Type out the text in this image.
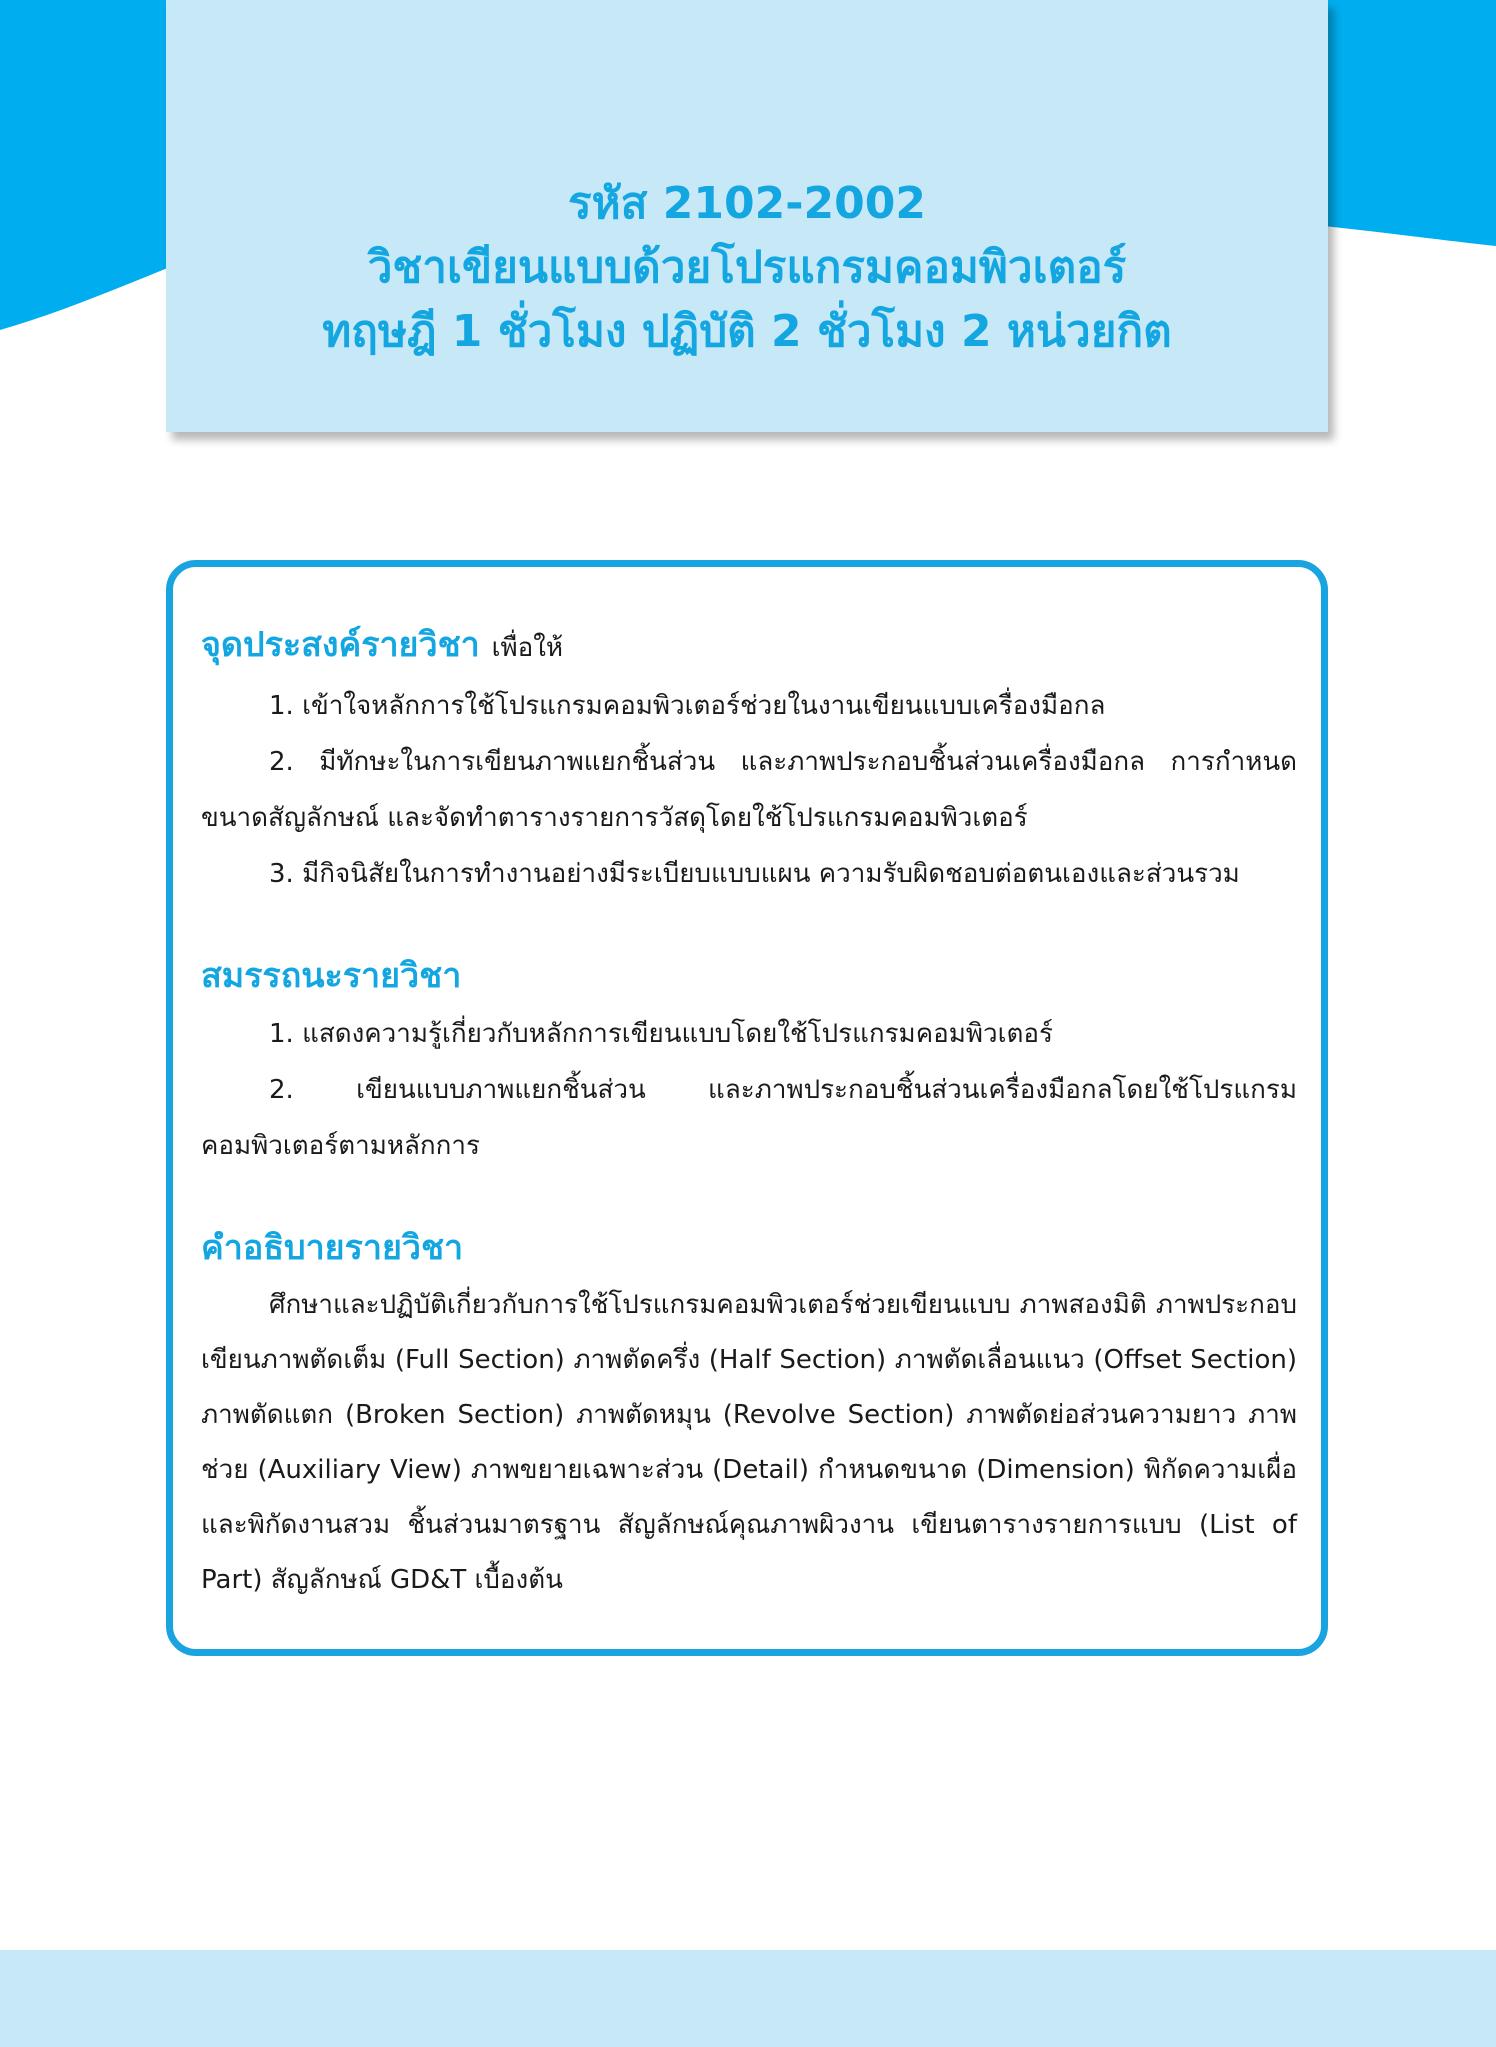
รหัส 2102-2002

วิชาเขียนแบบด้วยโปรแกรมคอมพิวเตอร์

ทฤษฎี 1 ชั่วโมง ปฏิบัติ 2 ชั่วโมง 2 หน่วยกิต

จุดประสงค์รายวิชา เพื่อให้

1. เข้าใจหลักการใช้โปรแกรมคอมพิวเตอร์ช่วยในงานเขียนแบบเครื่องมือกล

2. มีทักษะในการเขียนภาพแยกชิ้นส่วน และภาพประกอบชิ้นส่วนเครื่องมือกล การกำหนดขนาดสัญลักษณ์ และจัดทำตารางรายการวัสดุโดยใช้โปรแกรมคอมพิวเตอร์

3. มีกิจนิสัยในการทำงานอย่างมีระเบียบแบบแผน ความรับผิดชอบต่อตนเองและส่วนรวม

สมรรถนะรายวิชา

1. แสดงความรู้เกี่ยวกับหลักการเขียนแบบโดยใช้โปรแกรมคอมพิวเตอร์

2. เขียนแบบภาพแยกชิ้นส่วน และภาพประกอบชิ้นส่วนเครื่องมือกลโดยใช้โปรแกรมคอมพิวเตอร์ตามหลักการ

คำอธิบายรายวิชา

ศึกษาและปฏิบัติเกี่ยวกับการใช้โปรแกรมคอมพิวเตอร์ช่วยเขียนแบบ ภาพสองมิติ ภาพประกอบ เขียนภาพตัดเต็ม (Full Section) ภาพตัดครึ่ง (Half Section) ภาพตัดเลื่อนแนว (Offset Section) ภาพตัดแตก (Broken Section) ภาพตัดหมุน (Revolve Section) ภาพตัดย่อส่วนความยาว ภาพช่วย (Auxiliary View) ภาพขยายเฉพาะส่วน (Detail) กำหนดขนาด (Dimension) พิกัดความเผื่อ และพิกัดงานสวม ชิ้นส่วนมาตรฐาน สัญลักษณ์คุณภาพผิวงาน เขียนตารางรายการแบบ (List of Part) สัญลักษณ์ GD&T เบื้องต้น
